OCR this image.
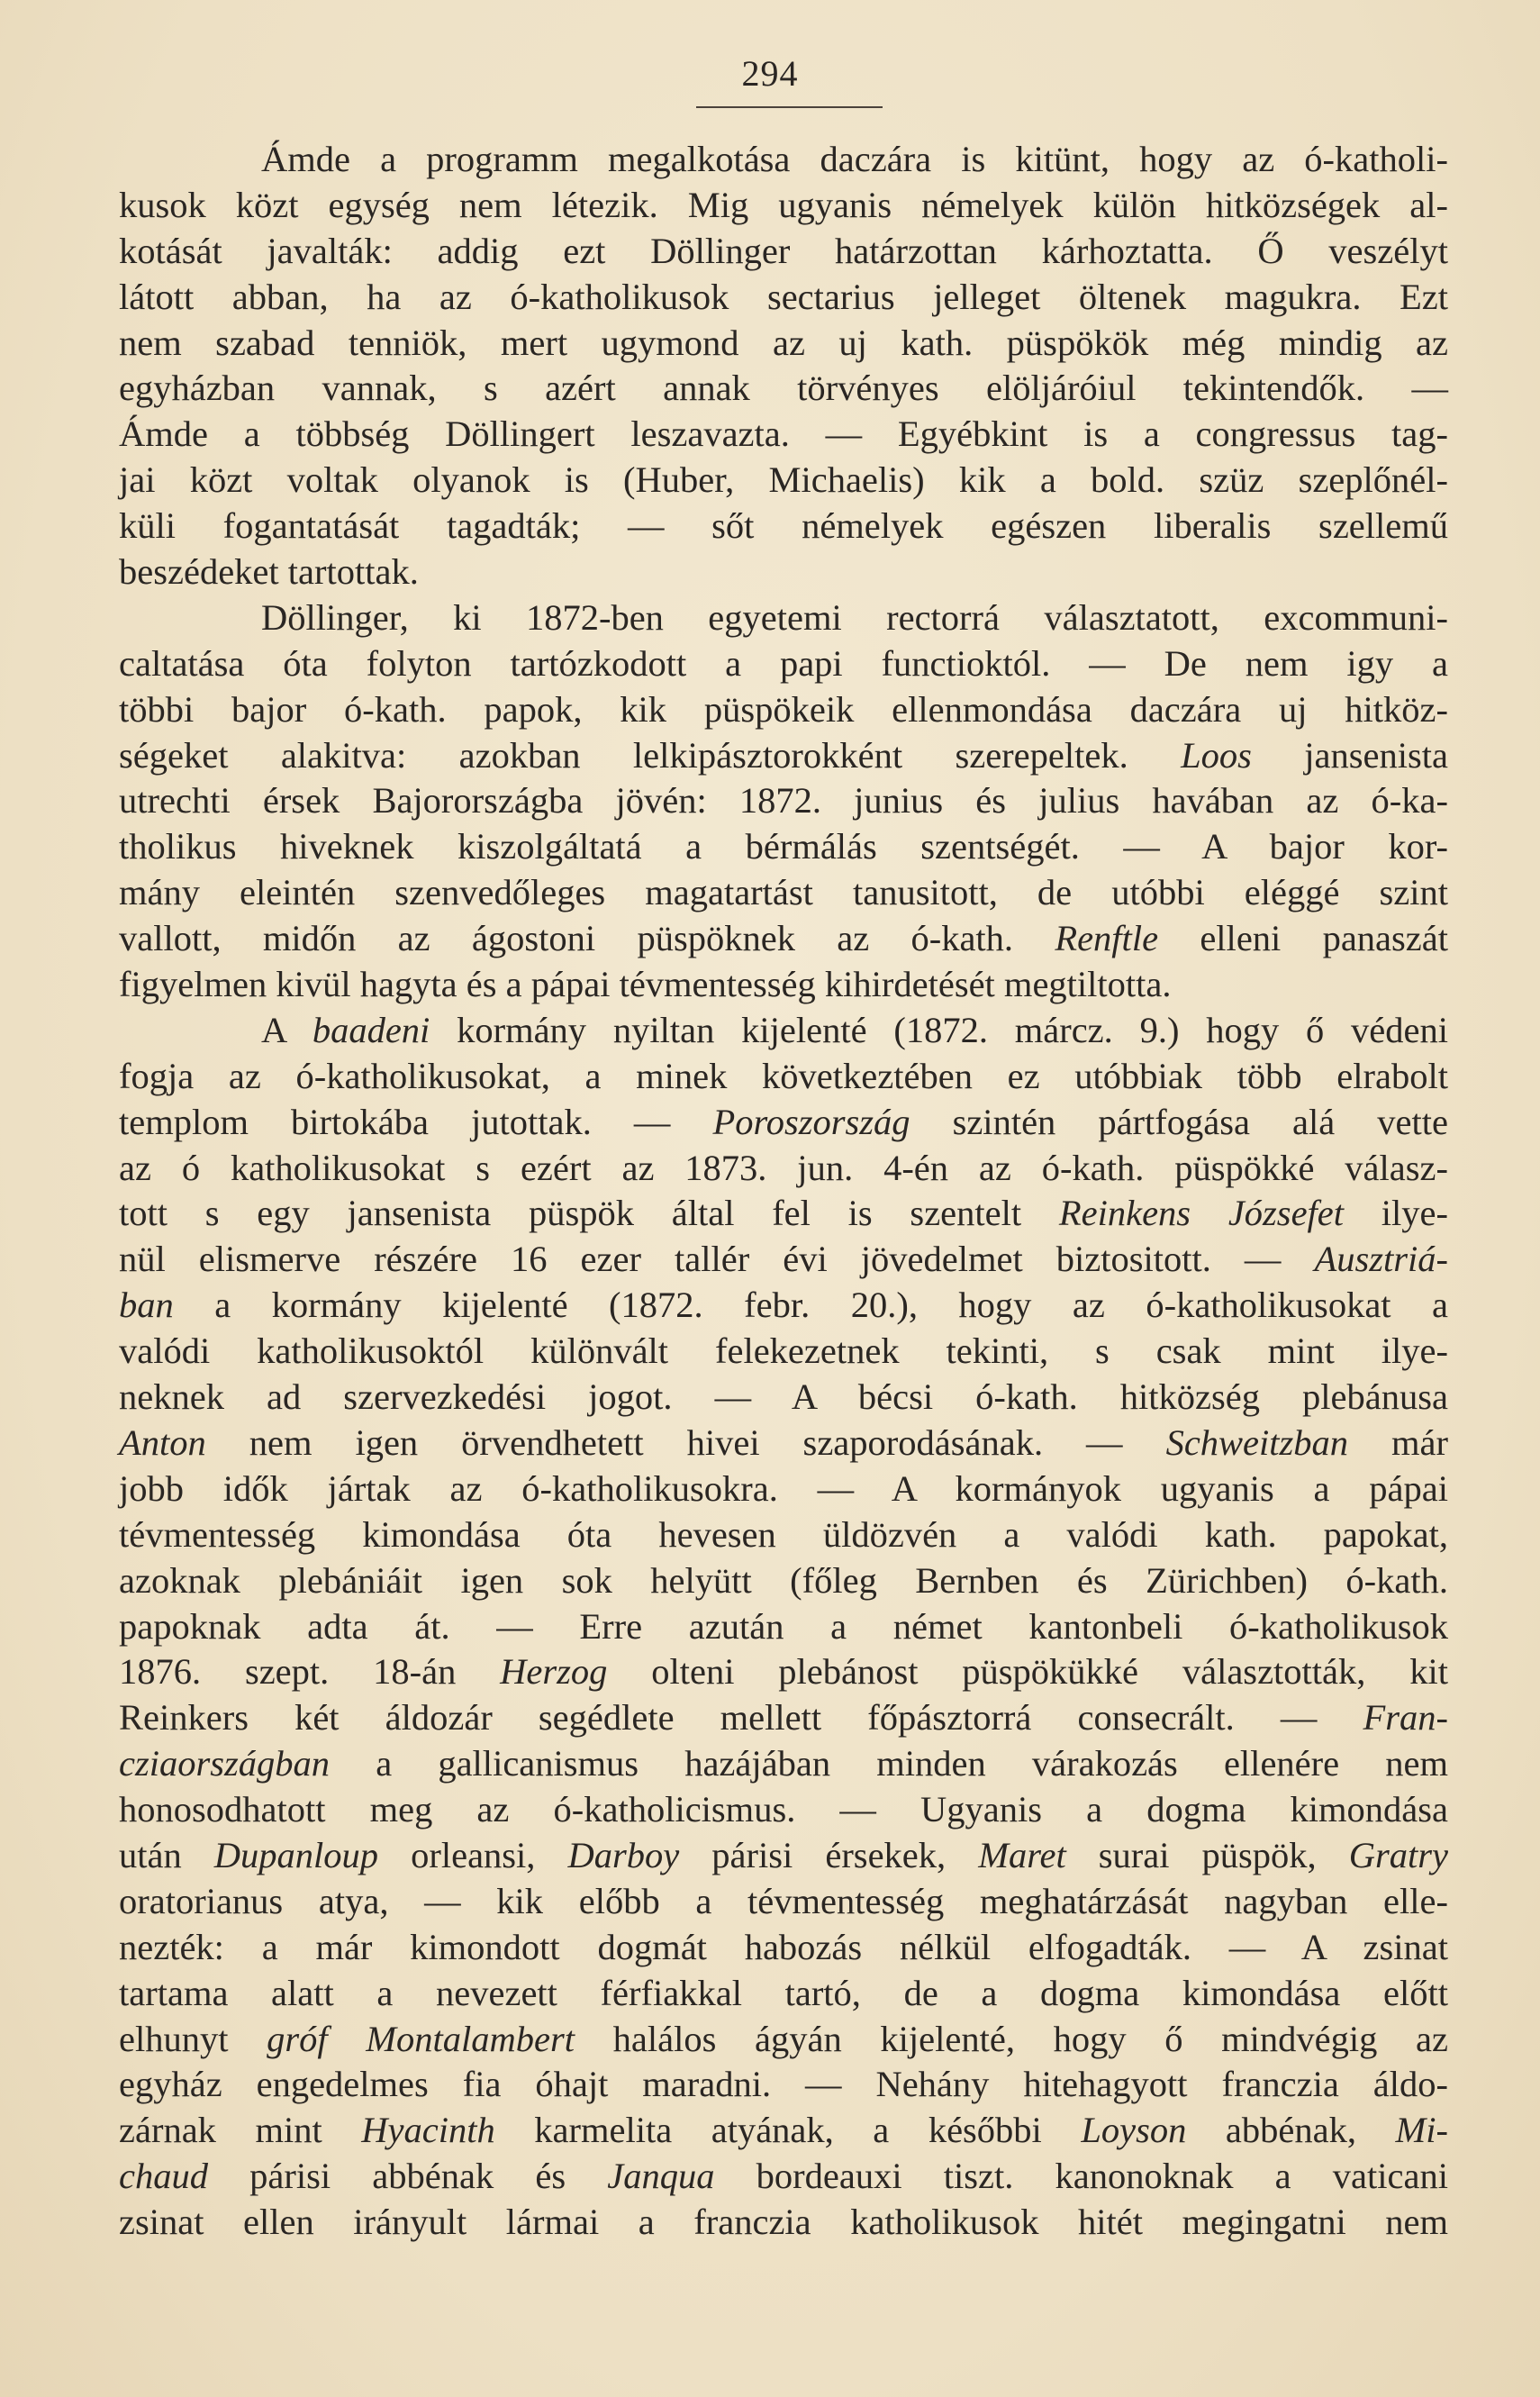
294
Ámde a programm megalkotása daczára is kitünt, hogy az ó-katholi-
kusok közt egység nem létezik. Mig ugyanis némelyek külön hitközségek al-
kotását javalták: addig ezt Döllinger határzottan kárhoztatta. Ő veszélyt
látott abban, ha az ó-katholikusok sectarius jelleget öltenek magukra. Ezt
nem szabad tenniök, mert ugymond az uj kath. püspökök még mindig az
egyházban vannak, s azért annak törvényes elöljáróiul tekintendők. —
Ámde a többség Döllingert leszavazta. — Egyébkint is a congressus tag-
jai közt voltak olyanok is (Huber, Michaelis) kik a bold. szüz szeplőnél-
küli fogantatását tagadták; — sőt némelyek egészen liberalis szellemű
beszédeket tartottak.
Döllinger, ki 1872-ben egyetemi rectorrá választatott, excommuni-
caltatása óta folyton tartózkodott a papi functioktól. — De nem igy a
többi bajor ó-kath. papok, kik püspökeik ellenmondása daczára uj hitköz-
ségeket alakitva: azokban lelkipásztorokként szerepeltek. Loos jansenista
utrechti érsek Bajorországba jövén: 1872. junius és julius havában az ó-ka-
tholikus hiveknek kiszolgáltatá a bérmálás szentségét. — A bajor kor-
mány eleintén szenvedőleges magatartást tanusitott, de utóbbi eléggé szint
vallott, midőn az ágostoni püspöknek az ó-kath. Renftle elleni panaszát
figyelmen kivül hagyta és a pápai tévmentesség kihirdetését megtiltotta.
A baadeni kormány nyiltan kijelenté (1872. márcz. 9.) hogy ő védeni
fogja az ó-katholikusokat, a minek következtében ez utóbbiak több elrabolt
templom birtokába jutottak. — Poroszország szintén pártfogása alá vette
az ó katholikusokat s ezért az 1873. jun. 4-én az ó-kath. püspökké válasz-
tott s egy jansenista püspök által fel is szentelt Reinkens Józsefet ilye-
nül elismerve részére 16 ezer tallér évi jövedelmet biztositott. — Ausztriá-
ban a kormány kijelenté (1872. febr. 20.), hogy az ó-katholikusokat a
valódi katholikusoktól különvált felekezetnek tekinti, s csak mint ilye-
neknek ad szervezkedési jogot. — A bécsi ó-kath. hitközség plebánusa
Anton nem igen örvendhetett hivei szaporodásának. — Schweitzban már
jobb idők jártak az ó-katholikusokra. — A kormányok ugyanis a pápai
tévmentesség kimondása óta hevesen üldözvén a valódi kath. papokat,
azoknak plebániáit igen sok helyütt (főleg Bernben és Zürichben) ó-kath.
papoknak adta át. — Erre azután a német kantonbeli ó-katholikusok
1876. szept. 18-án Herzog olteni plebánost püspökükké választották, kit
Reinkers két áldozár segédlete mellett főpásztorrá consecrált. — Fran-
cziaországban a gallicanismus hazájában minden várakozás ellenére nem
honosodhatott meg az ó-katholicismus. — Ugyanis a dogma kimondása
után Dupanloup orleansi, Darboy párisi érsekek, Maret surai püspök, Gratry
oratorianus atya, — kik előbb a tévmentesség meghatárzását nagyban elle-
nezték: a már kimondott dogmát habozás nélkül elfogadták. — A zsinat
tartama alatt a nevezett férfiakkal tartó, de a dogma kimondása előtt
elhunyt gróf Montalambert halálos ágyán kijelenté, hogy ő mindvégig az
egyház engedelmes fia óhajt maradni. — Nehány hitehagyott franczia áldo-
zárnak mint Hyacinth karmelita atyának, a későbbi Loyson abbénak, Mi-
chaud párisi abbénak és Janqua bordeauxi tiszt. kanonoknak a vaticani
zsinat ellen irányult lármai a franczia katholikusok hitét megingatni nem
